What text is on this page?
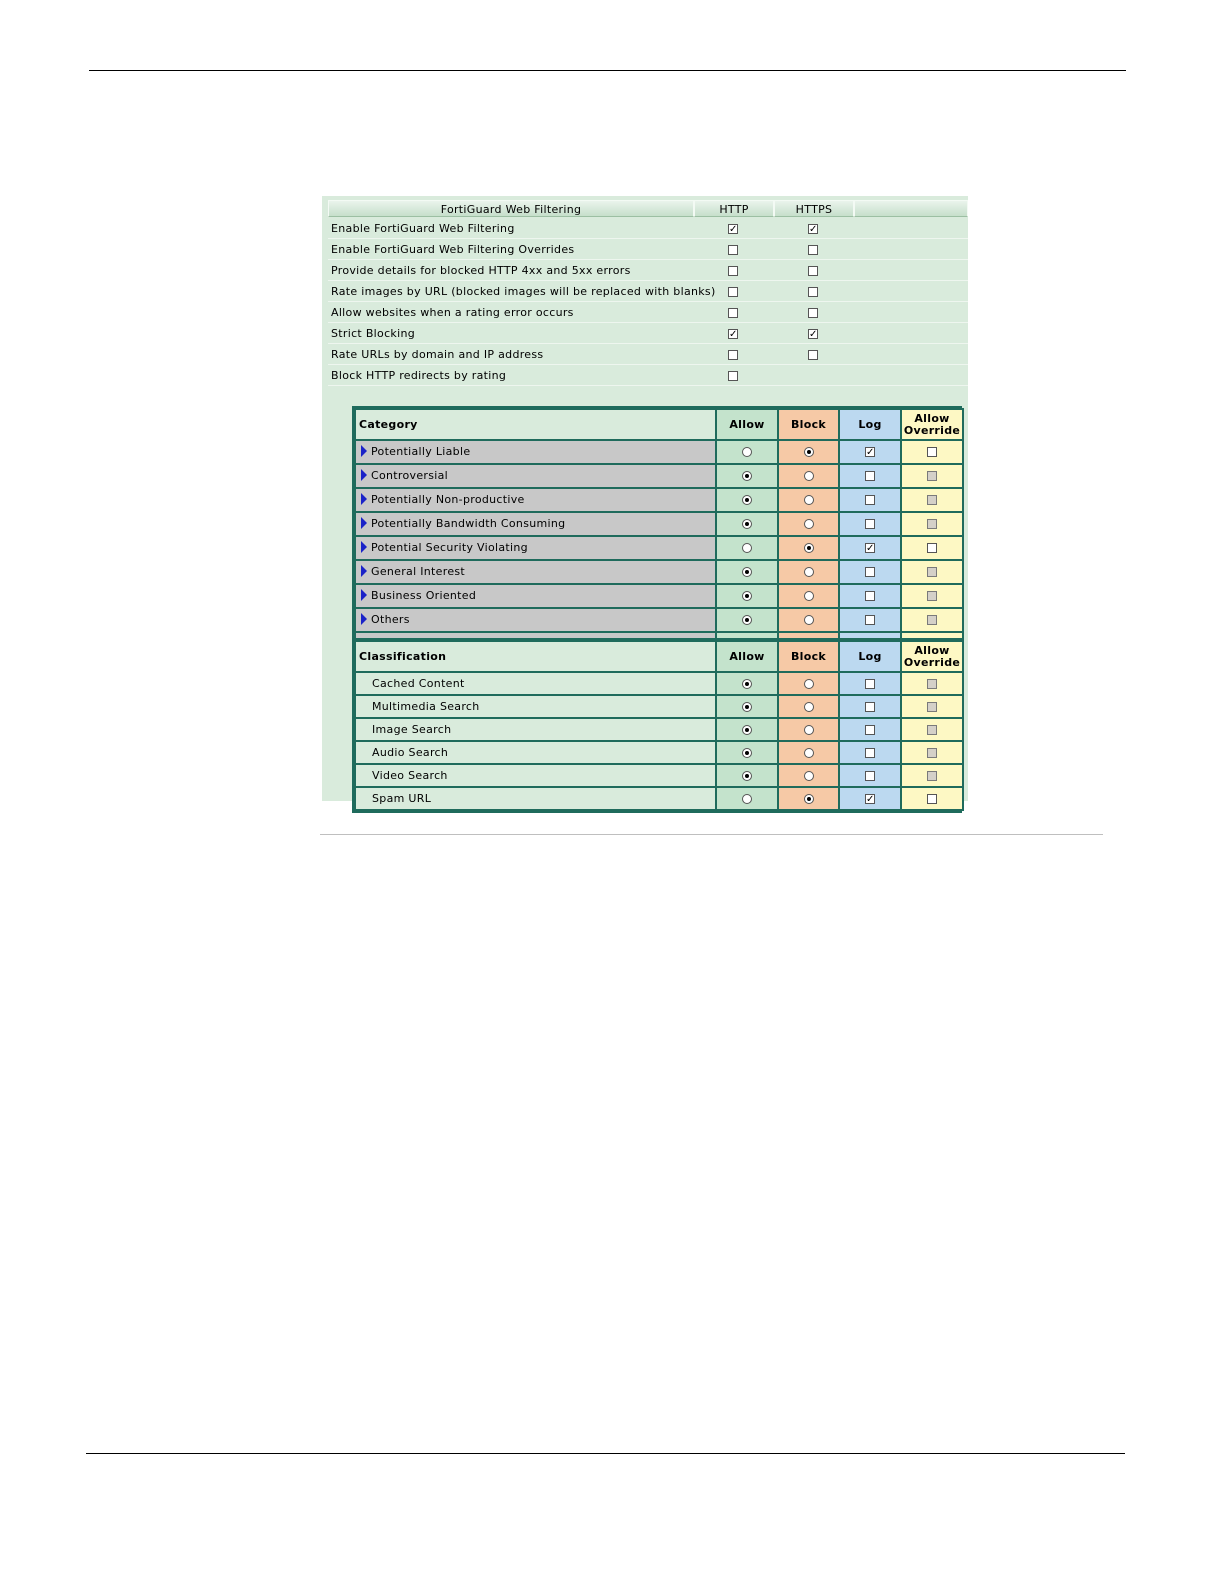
FortiGuard Web Filtering	HTTP	HTTPS
Enable FortiGuard Web Filtering	✓	✓
Enable FortiGuard Web Filtering Overrides
Provide details for blocked HTTP 4xx and 5xx errors
Rate images by URL (blocked images will be replaced with blanks)
Allow websites when a rating error occurs
Strict Blocking	✓	✓
Rate URLs by domain and IP address
Block HTTP redirects by rating
Category	Allow	Block	Log	Allow Override

Potentially Liable			✓	

Controversial	

Potentially Non-productive	

Potentially Bandwidth Consuming	

Potential Security Violating			✓	

General Interest	

Business Oriented	

Others	

Classification	Allow	Block	Log	Allow Override
Cached Content	

Multimedia Search	

Image Search	

Audio Search	

Video Search	

Spam URL			✓	
